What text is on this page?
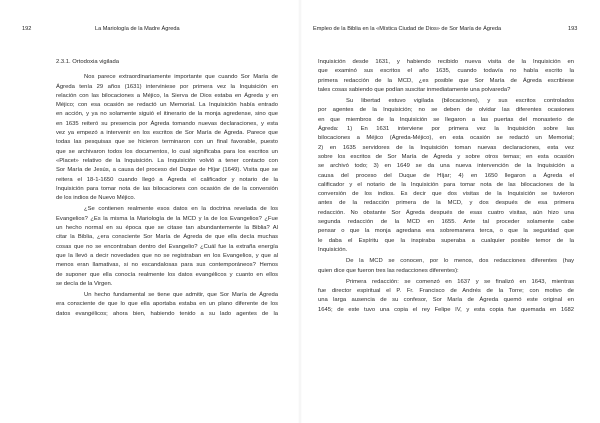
192	La Mariología de la Madre Ágreda
2.3.1. Ortodoxia vigilada
Nos parece extraordinariamente importante que cuando Sor María de
Ágreda tenía 29 años (1631) interviniese por primera vez la Inquisición en
relación con las bilocaciones a Méjico, la Sierva de Dios estaba en Ágreda y en
Méjico; con esa ocasión se redactó un Memorial. La Inquisición había entrado
en acción, y ya no solamente siguió el itinerario de la monja agredense, sino que
en 1635 reiteró su presencia por Ágreda tomando nuevas declaraciones, y esta
vez ya empezó a intervenir en los escritos de Sor María de Ágreda. Parece que
todas las pesquisas que se hicieron terminaron con un final favorable, puesto
que se archivaron todos los documentos, lo cual significaba para los escritos un
«Placet» relativo de la Inquisición. La Inquisición volvió a tener contacto con
Sor María de Jesús, a causa del proceso del Duque de Híjar (1649). Visita que se
reitera el 18-1-1650 cuando llegó a Ágreda el calificador y notario de la
Inquisición para tomar nota de las bilocaciones con ocasión de de la conversión
de los indios de Nuevo Méjico.
¿Se contienen realmente esos datos en la doctrina revelada de los
Evangelios? ¿Es la misma la Mariología de la MCD y la de los Evangelios? ¿Fue
un hecho normal en su época que se citase tan abundantemente la Biblia? Al
citar la Biblia, ¿era consciente Sor María de Ágreda de que ella decía muchas
cosas que no se encontraban dentro del Evangelio? ¿Cuál fue la extraña energía
que la llevó a decir novedades que no se registraban en los Evangelios, y que al
menos eran llamativas, si no escandalosas para sus contemporáneos? Hemos
de suponer que ella conocía realmente los datos evangélicos y cuanto en ellos
se decía de la Virgen.
Un hecho fundamental se tiene que admitir, que Sor María de Ágreda
era consciente de que lo que ella aportaba estaba en un plano diferente de los
datos evangélicos; ahora bien, habiendo tenido a su lado agentes de la
Empleo de la Biblia en la «Mística Ciudad de Dios» de Sor María de Ágreda	193
Inquisición desde 1631, y habiendo recibido nueva visita de la Inquisición en
que examinó sus escritos el año 1635, cuando todavía no había escrito la
primera redacción de la MCD, ¿es posible que Sor María de Ágreda escribiese
tales cosas sabiendo que podían suscitar inmediatamente una polvareda?
Su libertad estuvo vigilada (bilocaciones), y sus escritos controlados
por agentes de la Inquisición; no se deben de olvidar las diferentes ocasiones
en que miembros de la Inquisición se llegaron a las puertas del monasterio de
Ágreda: 1) En 1631 interviene por primera vez la Inquisición sobre las
bilocaciones a Méjico (Ágreda-Méjico), en esta ocasión se redactó un Memorial;
2) en 1635 servidores de la Inquisición toman nuevas declaraciones, esta vez
sobre los escritos de Sor María de Ágreda y sobre otros temas; en esta ocasión
se archivó todo; 3) en 1649 se da una nueva intervención de la Inquisición a
causa del proceso del Duque de Híjar; 4) en 1650 llegaron a Ágreda el
calificador y el notario de la Inquisición para tomar nota de las bilocaciones de la
conversión de los indios. Es decir que dos visitas de la Inquisición se tuvieron
antes de la redacción primera de la MCD, y dos después de esa primera
redacción. No obstante Sor Ágreda después de esas cuatro visitas, aún hizo una
segunda redacción de la MCD en 1655. Ante tal proceder solamente cabe
pensar o que la monja agredana era sobremanera terca, o que la seguridad que
le daba el Espíritu que la inspiraba superaba a cualquier posible temor de la
Inquisición.
De la MCD se conocen, por lo menos, dos redacciones diferentes (hay
quien dice que fueron tres las redacciones diferentes):
Primera redacción: se comenzó en 1637 y se finalizó en 1643, mientras
fue director espiritual el P. Fr. Francisco de Andrés de la Torre; con motivo de
una larga ausencia de su confesor, Sor María de Ágreda quemó este original en
1645; de este tuvo una copia el rey Felipe IV, y esta copia fue quemada en 1682
